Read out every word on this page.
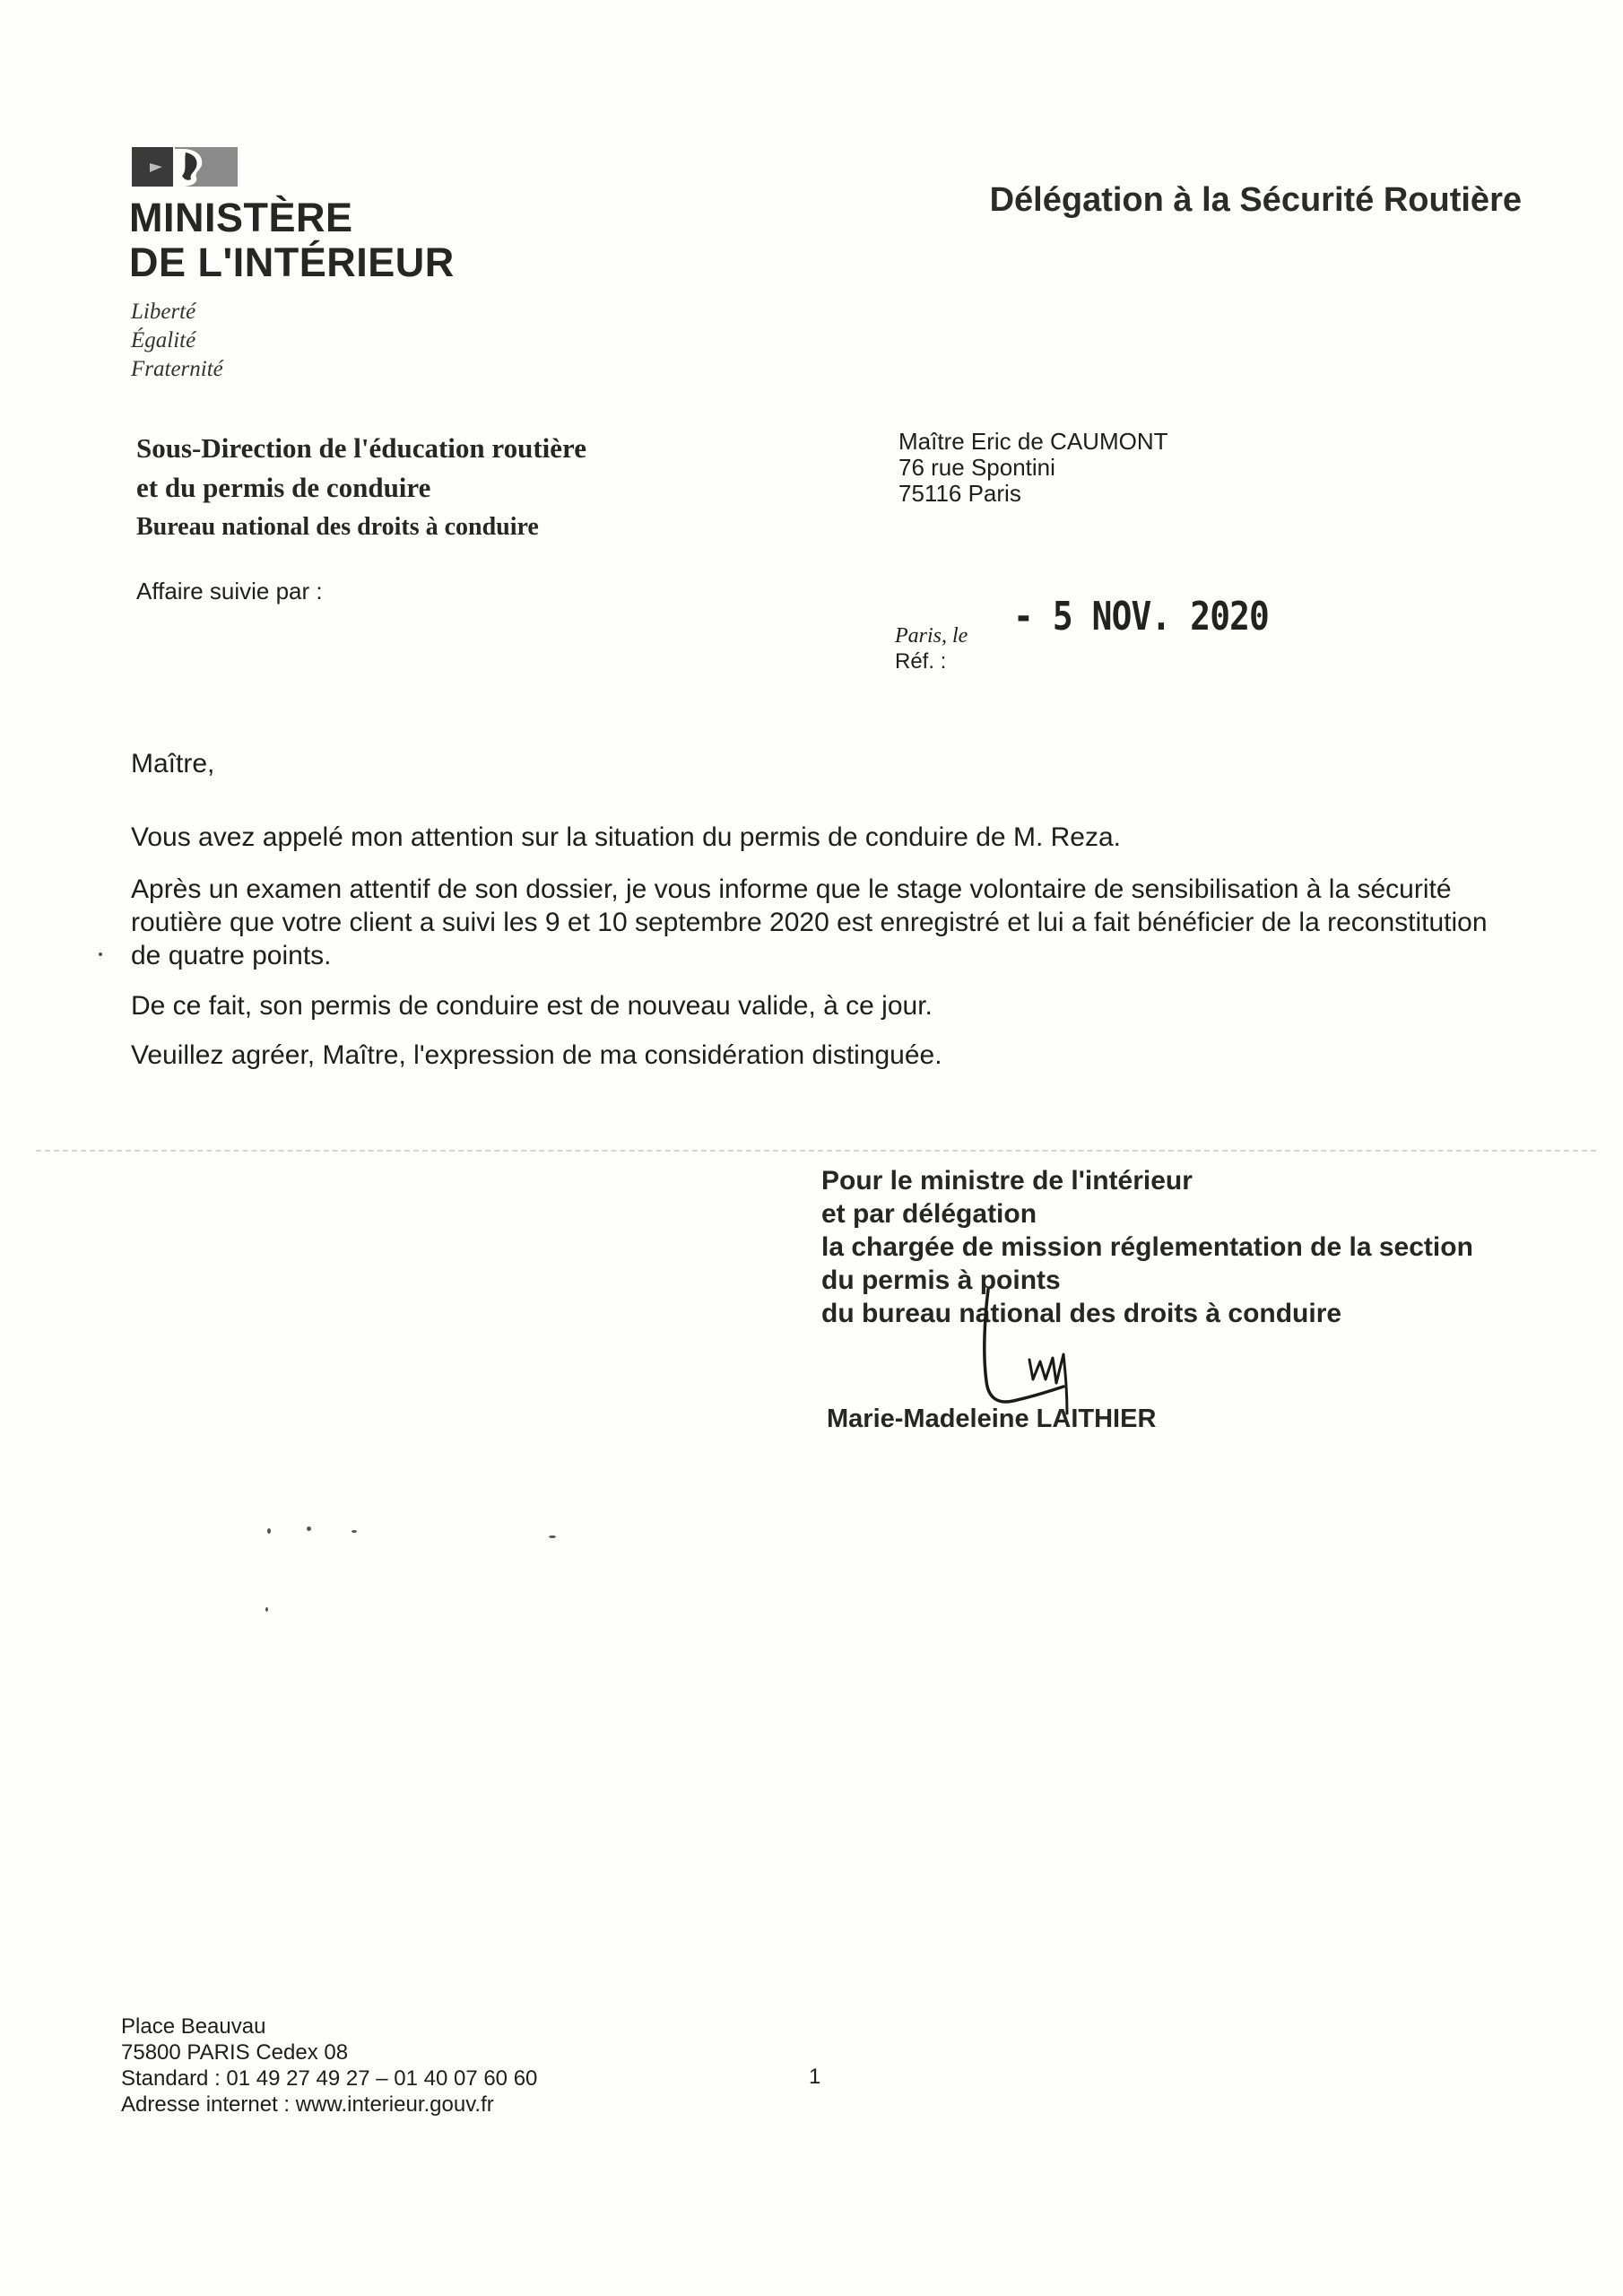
MINISTÈRE
DE L'INTÉRIEUR
Liberté
Égalité
Fraternité
Délégation à la Sécurité Routière
Sous-Direction de l'éducation routière
et du permis de conduire
Bureau national des droits à conduire
Affaire suivie par :
Maître Eric de CAUMONT
76 rue Spontini
75116 Paris
Paris, le
Réf. :
- 5 NOV. 2020
Maître,
Vous avez appelé mon attention sur la situation du permis de conduire de M. Reza.
Après un examen attentif de son dossier, je vous informe que le stage volontaire de sensibilisation à la sécurité routière que votre client a suivi les 9 et 10 septembre 2020 est enregistré et lui a fait bénéficier de la reconstitution de quatre points.
De ce fait, son permis de conduire est de nouveau valide, à ce jour.
Veuillez agréer, Maître, l'expression de ma considération distinguée.
Pour le ministre de l'intérieur
et par délégation
la chargée de mission réglementation de la section
du permis à points
du bureau national des droits à conduire
Marie-Madeleine LAITHIER
Place Beauvau
75800 PARIS Cedex 08
Standard : 01 49 27 49 27 – 01 40 07 60 60
Adresse internet : www.interieur.gouv.fr
1
